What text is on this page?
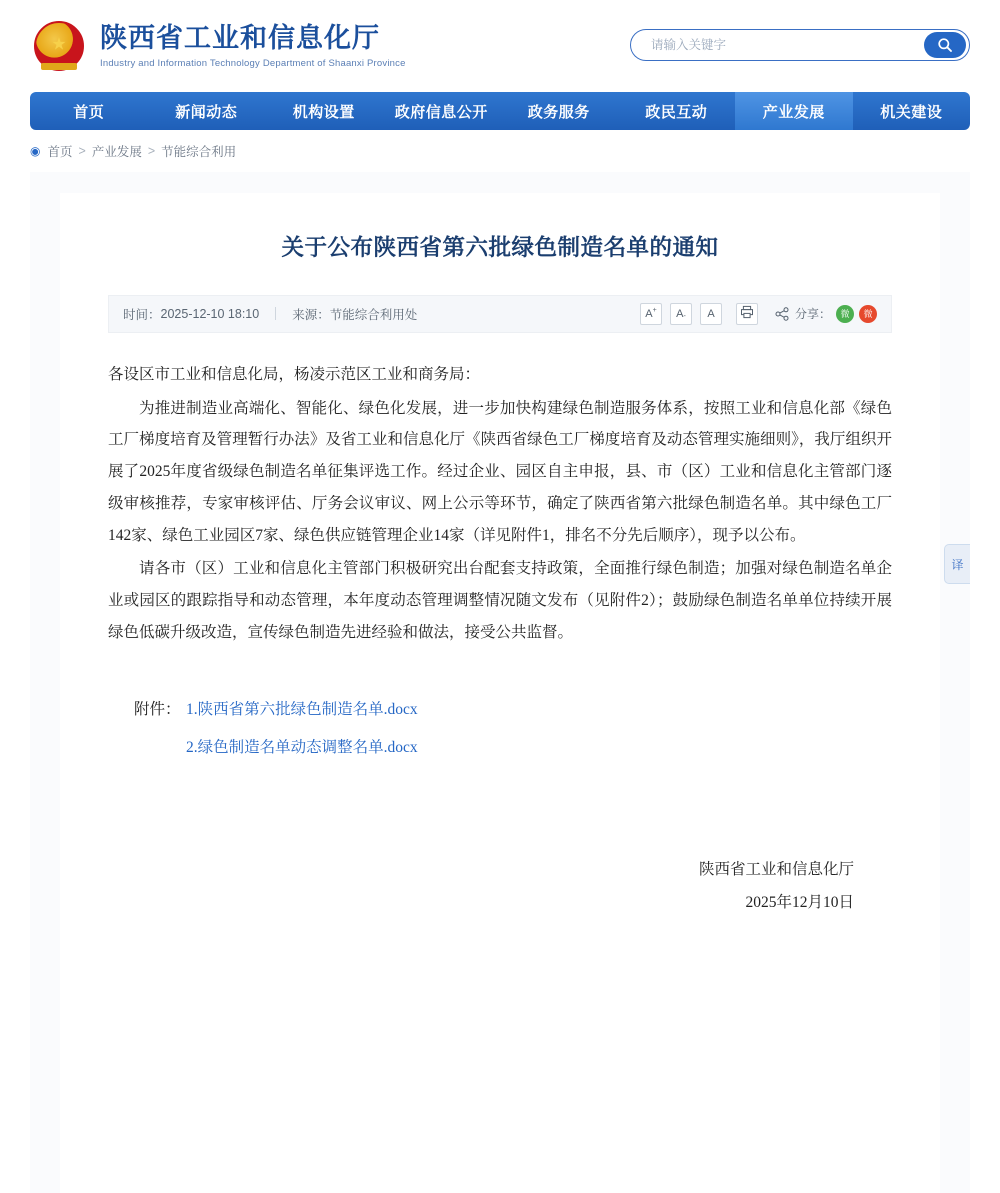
★ 陕西省工业和信息化厅
Industry and Information Technology Department of Shaanxi Province
请输入关键字
首页	新闻动态	机构设置	政府信息公开	政务服务	政民互动	产业发展	机关建设
◉ 首页 > 产业发展 > 节能综合利用
关于公布陕西省第六批绿色制造名单的通知
时间： 2025-12-10 18:10	来源： 节能综合利用处	A+ $A_-$ A	分享：	微	微

各设区市工业和信息化局，杨凌示范区工业和商务局：

为推进制造业高端化、智能化、绿色化发展，进一步加快构建绿色制造服务体系，按照工业和信息化部《绿色工厂梯度培育及管理暂行办法》及省工业和信息化厅《陕西省绿色工厂梯度培育及动态管理实施细则》，我厅组织开展了2025年度省级绿色制造名单征集评选工作。经过企业、园区自主申报，县、市（区）工业和信息化主管部门逐级审核推荐，专家审核评估、厅务会议审议、网上公示等环节，确定了陕西省第六批绿色制造名单。其中绿色工厂142家、绿色工业园区7家、绿色供应链管理企业14家（详见附件1，排名不分先后顺序），现予以公布。

请各市（区）工业和信息化主管部门积极研究出台配套支持政策，全面推行绿色制造；加强对绿色制造名单企业或园区的跟踪指导和动态管理，本年度动态管理调整情况随文发布（见附件2）；鼓励绿色制造名单单位持续开展绿色低碳升级改造，宣传绿色制造先进经验和做法，接受公共监督。

附件： 1.陕西省第六批绿色制造名单.docx
2.绿色制造名单动态调整名单.docx
陕西省工业和信息化厅
2025年12月10日
译
